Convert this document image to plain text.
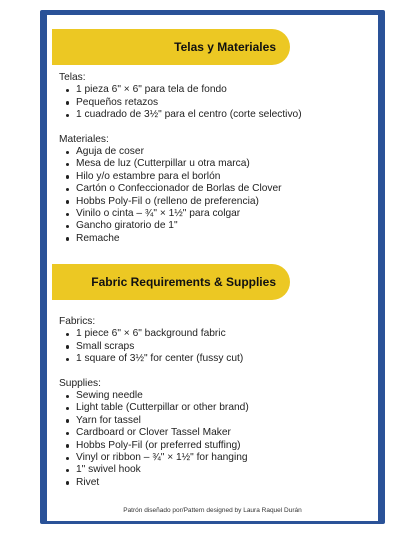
Telas y Materiales

Telas:

1 pieza 6" × 6" para tela de fondo
Pequeños retazos
1 cuadrado de 3½" para el centro (corte selectivo)

Materiales:

Aguja de coser
Mesa de luz (Cutterpillar u otra marca)
Hilo y/o estambre para el borlón
Cartón o Confeccionador de Borlas de Clover
Hobbs Poly-Fil o (relleno de preferencia)
Vinilo o cinta – ¾" × 1½" para colgar
Gancho giratorio de 1"
Remache
Fabric Requirements & Supplies

Fabrics:

1 piece 6" × 6" background fabric
Small scraps
1 square of 3½" for center (fussy cut)

Supplies:

Sewing needle
Light table (Cutterpillar or other brand)
Yarn for tassel
Cardboard or Clover Tassel Maker
Hobbs Poly-Fil (or preferred stuffing)
Vinyl or ribbon – ¾" × 1½" for hanging
1" swivel hook
Rivet
Patrón diseñado por/Pattern designed by Laura Raquel Durán
